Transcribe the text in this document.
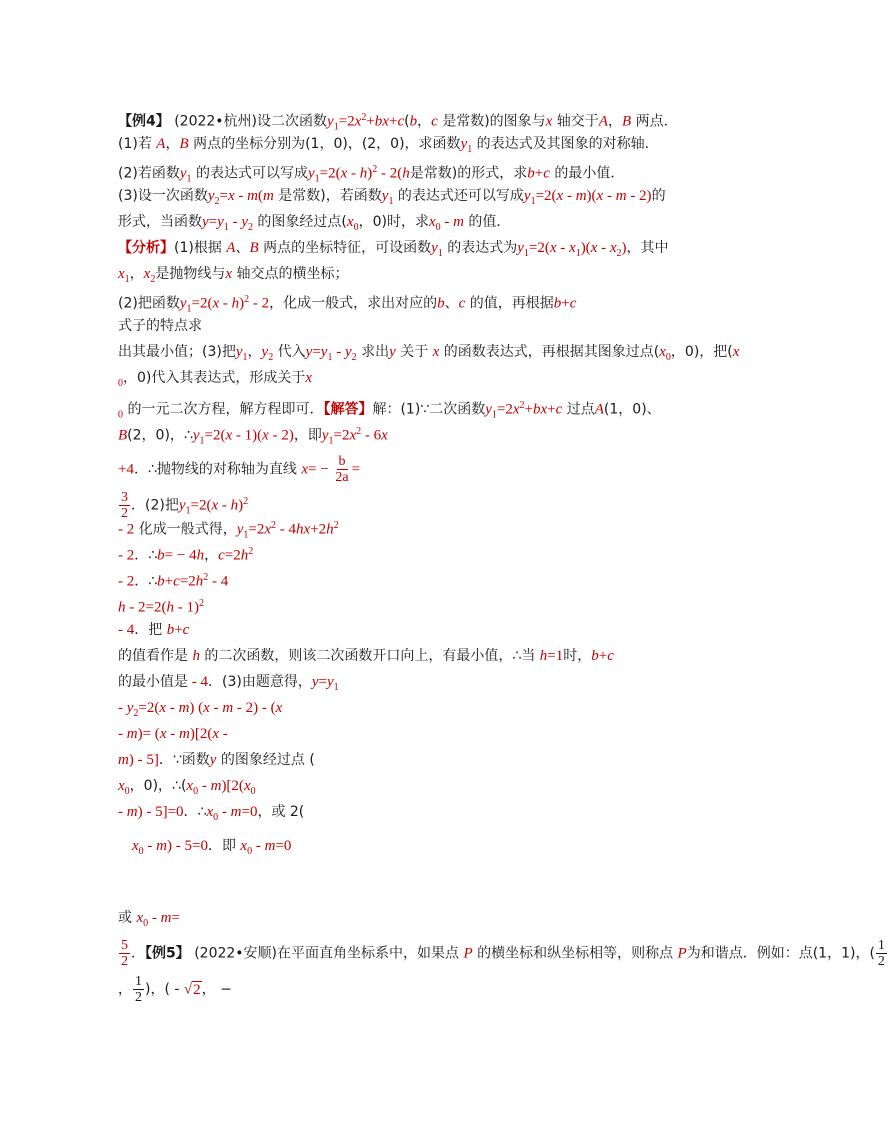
【例4】 (2022•杭州)设二次函数$y_1=2x^2+bx+c(b$，c 是常数)的图象与x 轴交于A，B 两点．
(1)若 A，B 两点的坐标分别为(1，0)，(2，0)，求函数$y_1$ 的表达式及其图象的对称轴．
(2)若函数$y_1$ 的表达式可以写成$y_1=2(x - h)^2 - 2(h$是常数)的形式，求b+c 的最小值．
(3)设一次函数$y_2=x - m(m$ 是常数)，若函数$y_1$ 的表达式还可以写成$y_1=2(x - m)(x - m - 2)$的
形式，当函数$y=y_1 - y_2$ 的图象经过点($x_0$，0)时，求$x_0$ - m 的值．
【分析】(1)根据 A、B 两点的坐标特征，可设函数$y_1$ 的表达式为$y_1=2(x - x_1)(x - x_2)$，其中
$x_1$，$x_2$是抛物线与x 轴交点的横坐标；
(2)把函数$y_1=2(x - h)^2 - 2$，化成一般式，求出对应的b、c 的值，再根据b+c
式子的特点求
出其最小值；(3)把$y_1$，$y_2$ 代入$y=y_1 - y_2$ 求出y 关于 x 的函数表达式，再根据其图象过点($x_0$，0)，把(x
$_0$，0)代入其表达式，形成关于x
$_0$ 的一元二次方程，解方程即可．【解答】解：(1)∵二次函数$y_1=2x^2+bx+c$ 过点A(1，0)、
B(2，0)，$\therefore y_1=2(x - 1)(x - 2)$，即$y_1=2x^2 - 6x$
+4．∴抛物线的对称轴为直线 $x= - \frac{b}{2a}$ =
$\frac{3}{2}$ ．(2)把$y_1=2(x - h)^2$
- 2 化成一般式得，$y_1=2x^2 - 4hx+2h^2$
- 2．∴b= − 4h，$c=2h^2$
- 2．$\therefore b+c=2h^2 - 4$
h - 2=2(h - 1)$^2$
- 4．把 b+c
的值看作是 h 的二次函数，则该二次函数开口向上，有最小值，∴当 h=1时，b+c
的最小值是 - 4．(3)由题意得，$y=y_1$
- $y_2=2(x - m)$ (x - m - 2) - (x
- m)= (x - m)[2(x -
m) - 5]．∵函数y 的图象经过点 (
$x_0$，0)，$\therefore(x_0 - m)[2(x_0$
- m) - 5]=0．$\therefore x_0 - m=0$，或 2(
$x_0 - m) - 5=0$．即 $x_0 - m=0$
或 $x_0 - m=$
$\frac{5}{2}$ ．【例5】 (2022•安顺)在平面直角坐标系中，如果点 P 的横坐标和纵坐标相等，则称点 P为和谐点．例如：点(1，1)，( $\frac{1}{2}$
， $\frac{1}{2}$ )，( - √2， −
